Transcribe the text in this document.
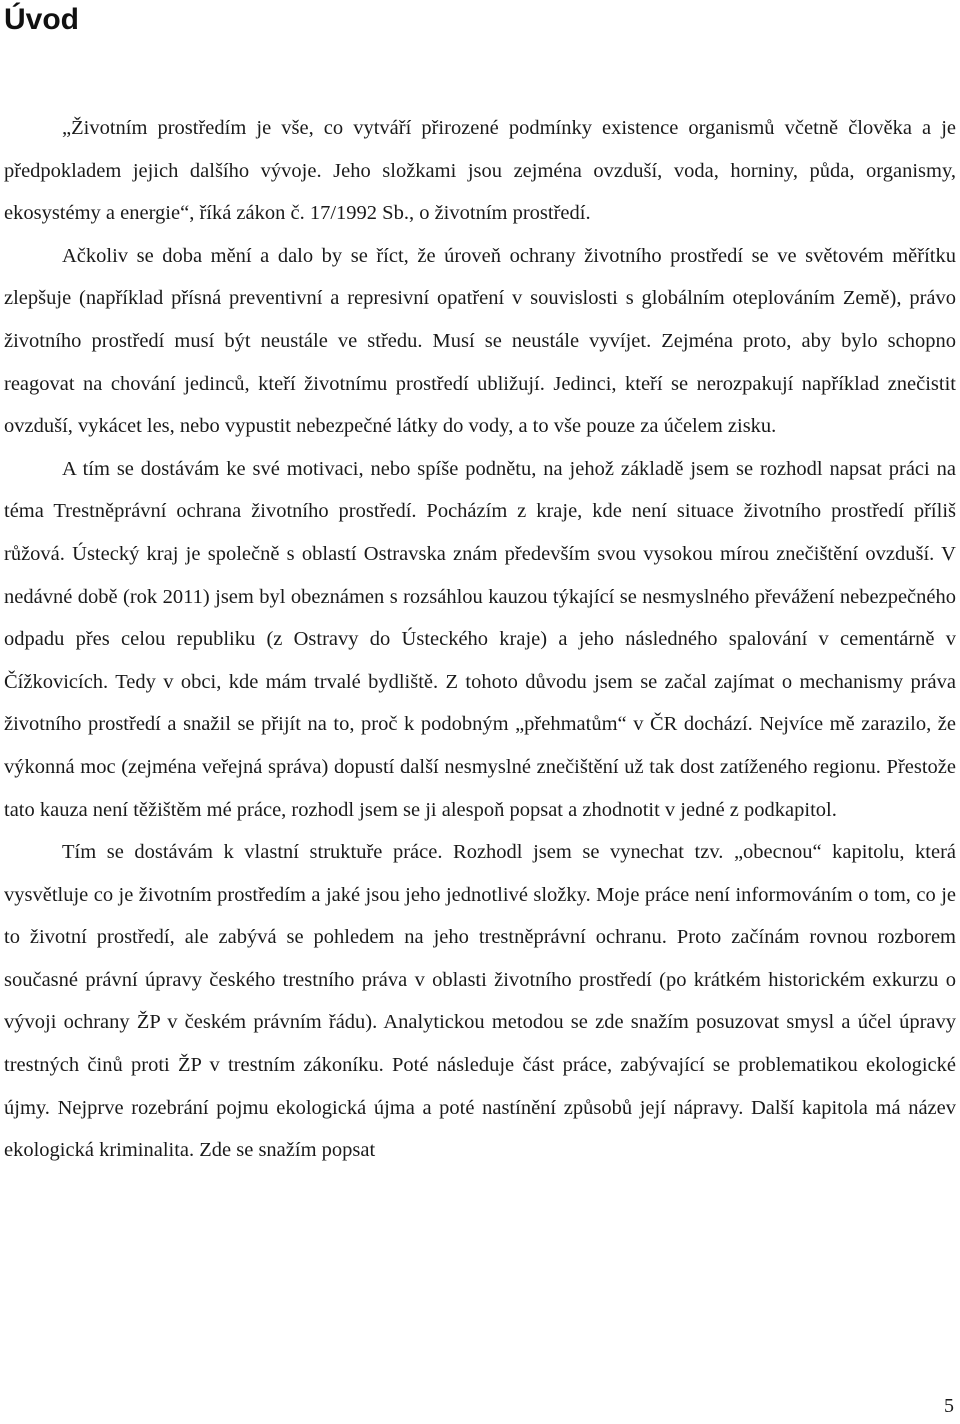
Úvod

„Životním prostředím je vše, co vytváří přirozené podmínky existence organismů včetně člověka a je předpokladem jejich dalšího vývoje. Jeho složkami jsou zejména ovzduší, voda, horniny, půda, organismy, ekosystémy a energie“, říká zákon č. 17/1992 Sb., o životním prostředí.

Ačkoliv se doba mění a dalo by se říct, že úroveň ochrany životního prostředí se ve světovém měřítku zlepšuje (například přísná preventivní a represivní opatření v souvislosti s globálním oteplováním Země), právo životního prostředí musí být neustále ve středu. Musí se neustále vyvíjet. Zejména proto, aby bylo schopno reagovat na chování jedinců, kteří životnímu prostředí ubližují. Jedinci, kteří se nerozpakují například znečistit ovzduší, vykácet les, nebo vypustit nebezpečné látky do vody, a to vše pouze za účelem zisku.

A tím se dostávám ke své motivaci, nebo spíše podnětu, na jehož základě jsem se rozhodl napsat práci na téma Trestněprávní ochrana životního prostředí. Pocházím z kraje, kde není situace životního prostředí příliš růžová. Ústecký kraj je společně s oblastí Ostravska znám především svou vysokou mírou znečištění ovzduší. V nedávné době (rok 2011) jsem byl obeznámen s rozsáhlou kauzou týkající se nesmyslného převážení nebezpečného odpadu přes celou republiku (z Ostravy do Ústeckého kraje) a jeho následného spalování v cementárně v Čížkovicích. Tedy v obci, kde mám trvalé bydliště. Z tohoto důvodu jsem se začal zajímat o mechanismy práva životního prostředí a snažil se přijít na to, proč k podobným „přehmatům“ v ČR dochází. Nejvíce mě zarazilo, že výkonná moc (zejména veřejná správa) dopustí další nesmyslné znečištění už tak dost zatíženého regionu. Přestože tato kauza není těžištěm mé práce, rozhodl jsem se ji alespoň popsat a zhodnotit v jedné z podkapitol.

Tím se dostávám k vlastní struktuře práce. Rozhodl jsem se vynechat tzv. „obecnou“ kapitolu, která vysvětluje co je životním prostředím a jaké jsou jeho jednotlivé složky. Moje práce není informováním o tom, co je to životní prostředí, ale zabývá se pohledem na jeho trestněprávní ochranu. Proto začínám rovnou rozborem současné právní úpravy českého trestního práva v oblasti životního prostředí (po krátkém historickém exkurzu o vývoji ochrany ŽP v českém právním řádu). Analytickou metodou se zde snažím posuzovat smysl a účel úpravy trestných činů proti ŽP v trestním zákoníku. Poté následuje část práce, zabývající se problematikou ekologické újmy. Nejprve rozebrání pojmu ekologická újma a poté nastínění způsobů její nápravy. Další kapitola má název ekologická kriminalita. Zde se snažím popsat

5
